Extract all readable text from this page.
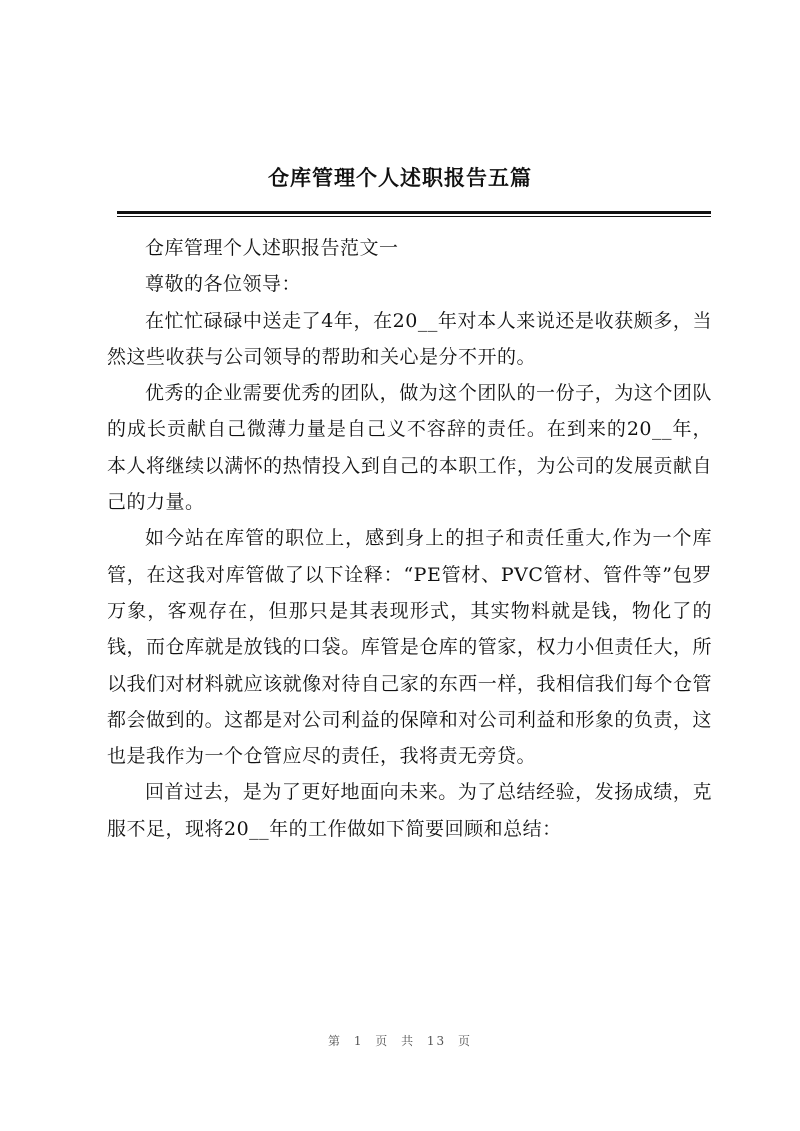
仓库管理个人述职报告五篇

仓库管理个人述职报告范文一

尊敬的各位领导：

在忙忙碌碌中送走了4年，在20__年对本人来说还是收获颇多，当然这些收获与公司领导的帮助和关心是分不开的。

优秀的企业需要优秀的团队，做为这个团队的一份子，为这个团队的成长贡献自己微薄力量是自己义不容辞的责任。在到来的20__年，本人将继续以满怀的热情投入到自己的本职工作，为公司的发展贡献自己的力量。

如今站在库管的职位上，感到身上的担子和责任重大,作为一个库管，在这我对库管做了以下诠释：“PE管材、PVC管材、管件等”包罗万象，客观存在，但那只是其表现形式，其实物料就是钱，物化了的钱，而仓库就是放钱的口袋。库管是仓库的管家，权力小但责任大，所以我们对材料就应该就像对待自己家的东西一样，我相信我们每个仓管都会做到的。这都是对公司利益的保障和对公司利益和形象的负责，这也是我作为一个仓管应尽的责任，我将责无旁贷。

回首过去，是为了更好地面向未来。为了总结经验，发扬成绩，克服不足，现将20__年的工作做如下简要回顾和总结：

第 1 页 共 13 页
